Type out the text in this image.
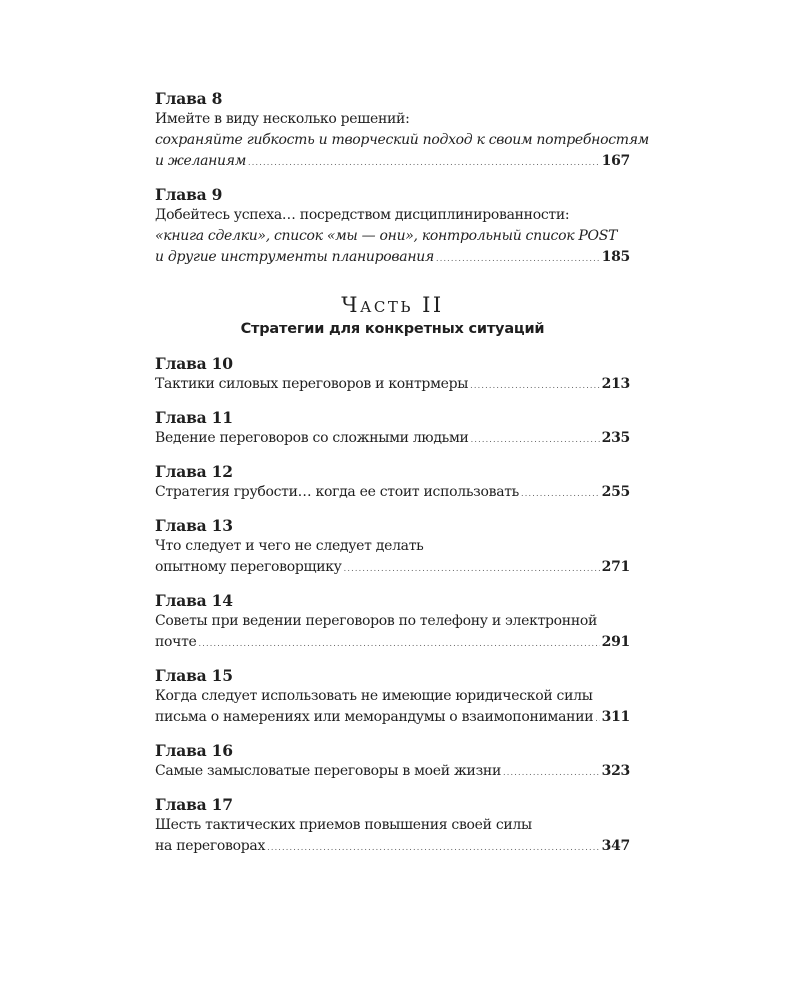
Глава 8
Имейте в виду несколько решений:
сохраняйте гибкость и творческий подход к своим потребностям
и желаниям .....	167
Глава 9
Добейтесь успеха… посредством дисциплинированности:
«книга сделки», список «мы — они», контрольный список POST
и другие инструменты планирования .....	185
Часть II
Стратегии для конкретных ситуаций
Глава 10
Тактики силовых переговоров и контрмеры .....	213
Глава 11
Ведение переговоров со сложными людьми .....	235
Глава 12
Стратегия грубости… когда ее стоит использовать .....	255
Глава 13
Что следует и чего не следует делать
опытному переговорщику .....	271
Глава 14
Советы при ведении переговоров по телефону и электронной
почте .....	291
Глава 15
Когда следует использовать не имеющие юридической силы
письма о намерениях или меморандумы о взаимопонимании ..... 311
Глава 16
Самые замысловатые переговоры в моей жизни .....	323
Глава 17
Шесть тактических приемов повышения своей силы
на переговорах .....	347
